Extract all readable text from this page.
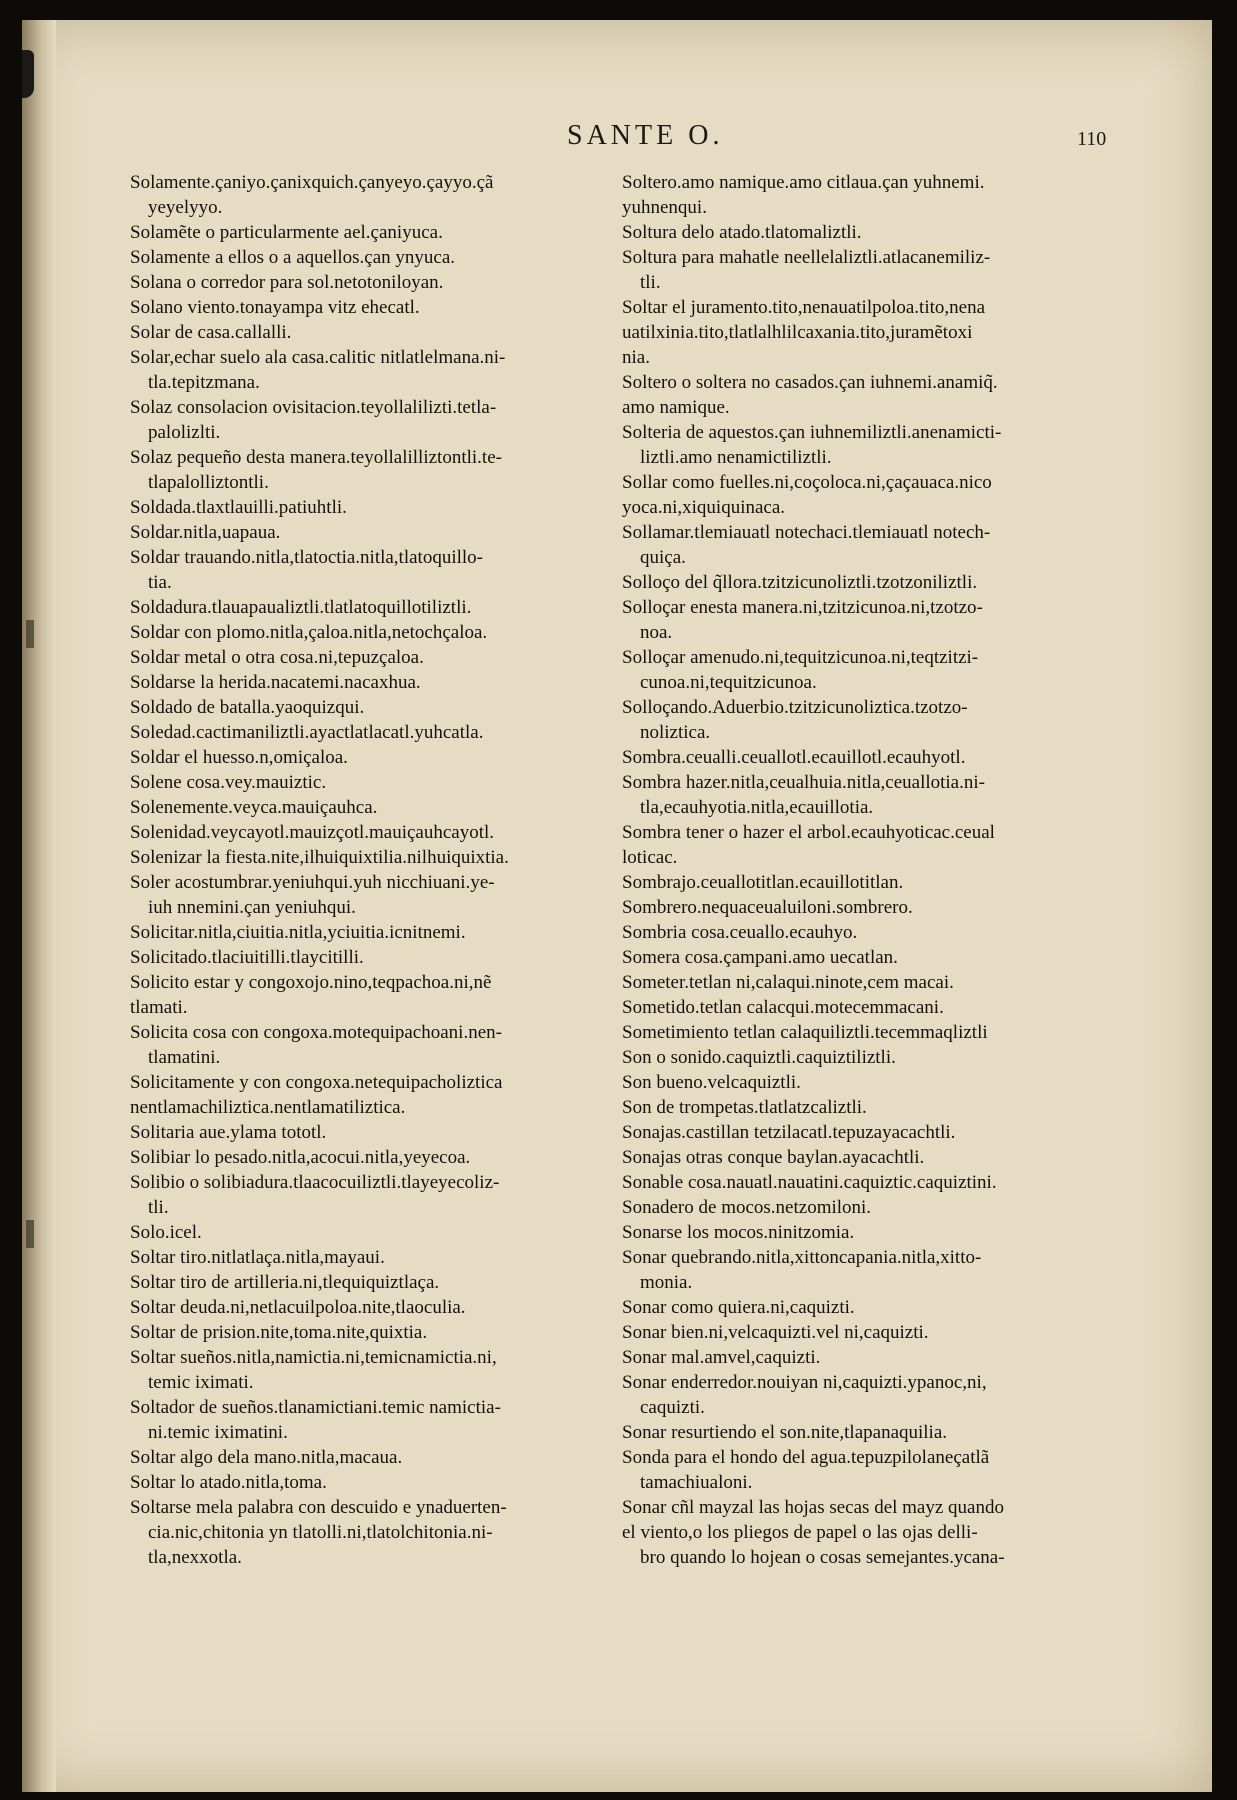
SANTE O.	110
Solamente.çaniyo.çanixquich.çanyeyo.çayyo.çã
yeyelyyo.
Solamẽte o particularmente ael.çaniyuca.
Solamente a ellos o a aquellos.çan ynyuca.
Solana o corredor para sol.netotoniloyan.
Solano viento.tonayampa vitz ehecatl.
Solar de casa.callalli.
Solar,echar suelo ala casa.calitic nitlatlelmana.ni-
tla.tepitzmana.
Solaz consolacion ovisitacion.teyollalilizti.tetla-
palolizlti.
Solaz pequeño desta manera.teyollalilliztontli.te-
tlapalolliztontli.
Soldada.tlaxtlauilli.patiuhtli.
Soldar.nitla,uapaua.
Soldar trauando.nitla,tlatoctia.nitla,tlatoquillo-
tia.
Soldadura.tlauapaualiztli.tlatlatoquillotiliztli.
Soldar con plomo.nitla,çaloa.nitla,netochçaloa.
Soldar metal o otra cosa.ni,tepuzçaloa.
Soldarse la herida.nacatemi.nacaxhua.
Soldado de batalla.yaoquizqui.
Soledad.cactimaniliztli.ayactlatlacatl.yuhcatla.
Soldar el huesso.n,omiçaloa.
Solene cosa.vey.mauiztic.
Solenemente.veyca.mauiçauhca.
Solenidad.veycayotl.mauizçotl.mauiçauhcayotl.
Solenizar la fiesta.nite,ilhuiquixtilia.nilhuiquixtia.
Soler acostumbrar.yeniuhqui.yuh nicchiuani.ye-
iuh nnemini.çan yeniuhqui.
Solicitar.nitla,ciuitia.nitla,yciuitia.icnitnemi.
Solicitado.tlaciuitilli.tlaycitilli.
Solicito estar y congoxojo.nino,teqpachoa.ni,nẽ
tlamati.
Solicita cosa con congoxa.motequipachoani.nen-
tlamatini.
Solicitamente y con congoxa.netequipacholiztica
nentlamachiliztica.nentlamatiliztica.
Solitaria aue.ylama tototl.
Solibiar lo pesado.nitla,acocui.nitla,yeyecoa.
Solibio o solibiadura.tlaacocuiliztli.tlayeyecoliz-
tli.
Solo.icel.
Soltar tiro.nitlatlaça.nitla,mayaui.
Soltar tiro de artilleria.ni,tlequiquiztlaça.
Soltar deuda.ni,netlacuilpoloa.nite,tlaoculia.
Soltar de prision.nite,toma.nite,quixtia.
Soltar sueños.nitla,namictia.ni,temicnamictia.ni,
temic iximati.
Soltador de sueños.tlanamictiani.temic namictia-
ni.temic iximatini.
Soltar algo dela mano.nitla,macaua.
Soltar lo atado.nitla,toma.
Soltarse mela palabra con descuido e ynaduerten-
cia.nic,chitonia yn tlatolli.ni,tlatolchitonia.ni-
tla,nexxotla.
Soltero.amo namique.amo citlaua.çan yuhnemi.
yuhnenqui.
Soltura delo atado.tlatomaliztli.
Soltura para mahatle neellelaliztli.atlacanemiliz-
tli.
Soltar el juramento.tito,nenauatilpoloa.tito,nena
uatilxinia.tito,tlatlalhlilcaxania.tito,juramẽtoxi
nia.
Soltero o soltera no casados.çan iuhnemi.anamiq̃.
amo namique.
Solteria de aquestos.çan iuhnemiliztli.anenamicti-
liztli.amo nenamictiliztli.
Sollar como fuelles.ni,coçoloca.ni,çaçauaca.nico
yoca.ni,xiquiquinaca.
Sollamar.tlemiauatl notechaci.tlemiauatl notech-
quiça.
Solloço del q̃llora.tzitzicunoliztli.tzotzoniliztli.
Solloçar enesta manera.ni,tzitzicunoa.ni,tzotzo-
noa.
Solloçar amenudo.ni,tequitzicunoa.ni,teqtzitzi-
cunoa.ni,tequitzicunoa.
Solloçando.Aduerbio.tzitzicunoliztica.tzotzo-
noliztica.
Sombra.ceualli.ceuallotl.ecauillotl.ecauhyotl.
Sombra hazer.nitla,ceualhuia.nitla,ceuallotia.ni-
tla,ecauhyotia.nitla,ecauillotia.
Sombra tener o hazer el arbol.ecauhyoticac.ceual
loticac.
Sombrajo.ceuallotitlan.ecauillotitlan.
Sombrero.nequaceualuiloni.sombrero.
Sombria cosa.ceuallo.ecauhyo.
Somera cosa.çampani.amo uecatlan.
Someter.tetlan ni,calaqui.ninote,cem macai.
Sometido.tetlan calacqui.motecemmacani.
Sometimiento tetlan calaquiliztli.tecemmaqliztli
Son o sonido.caquiztli.caquiztiliztli.
Son bueno.velcaquiztli.
Son de trompetas.tlatlatzcaliztli.
Sonajas.castillan tetzilacatl.tepuzayacachtli.
Sonajas otras conque baylan.ayacachtli.
Sonable cosa.nauatl.nauatini.caquiztic.caquiztini.
Sonadero de mocos.netzomiloni.
Sonarse los mocos.ninitzomia.
Sonar quebrando.nitla,xittoncapania.nitla,xitto-
monia.
Sonar como quiera.ni,caquizti.
Sonar bien.ni,velcaquizti.vel ni,caquizti.
Sonar mal.amvel,caquizti.
Sonar enderredor.nouiyan ni,caquizti.ypanoc,ni,
caquizti.
Sonar resurtiendo el son.nite,tlapanaquilia.
Sonda para el hondo del agua.tepuzpilolaneçatlã
tamachiualoni.
Sonar cñl mayzal las hojas secas del mayz quando
el viento,o los pliegos de papel o las ojas delli-
bro quando lo hojean o cosas semejantes.ycana-
